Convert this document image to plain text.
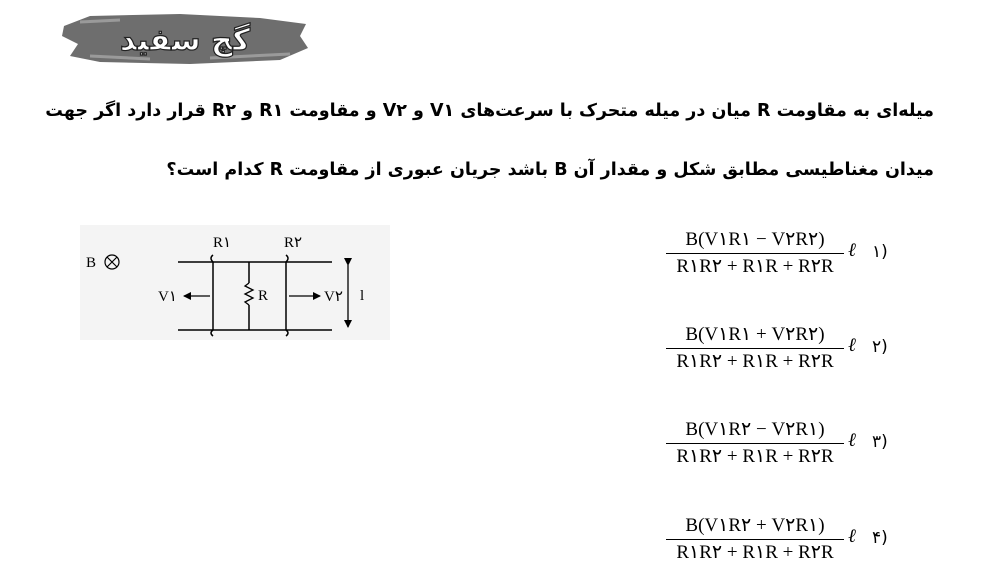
گچ سفید
میله‌ای به مقاومت R میان در میله متحرک با سرعت‌های V۱ و V۲ و مقاومت R۱ و R۲ قرار دارد اگر جهت
میدان مغناطیسی مطابق شکل و مقدار آن B باشد جریان عبوری از مقاومت R کدام است؟
B
R۱
R
R۲
V۱	V۲ l
B(V۱R۱ − V۲R۲)
R۱R۲ + R۱R + R۲R
ℓ ۱)
B(V۱R۱ + V۲R۲)
R۱R۲ + R۱R + R۲R
ℓ ۲)
B(V۱R۲ − V۲R۱)
R۱R۲ + R۱R + R۲R
ℓ ۳)
B(V۱R۲ + V۲R۱)
R۱R۲ + R۱R + R۲R
ℓ ۴)
